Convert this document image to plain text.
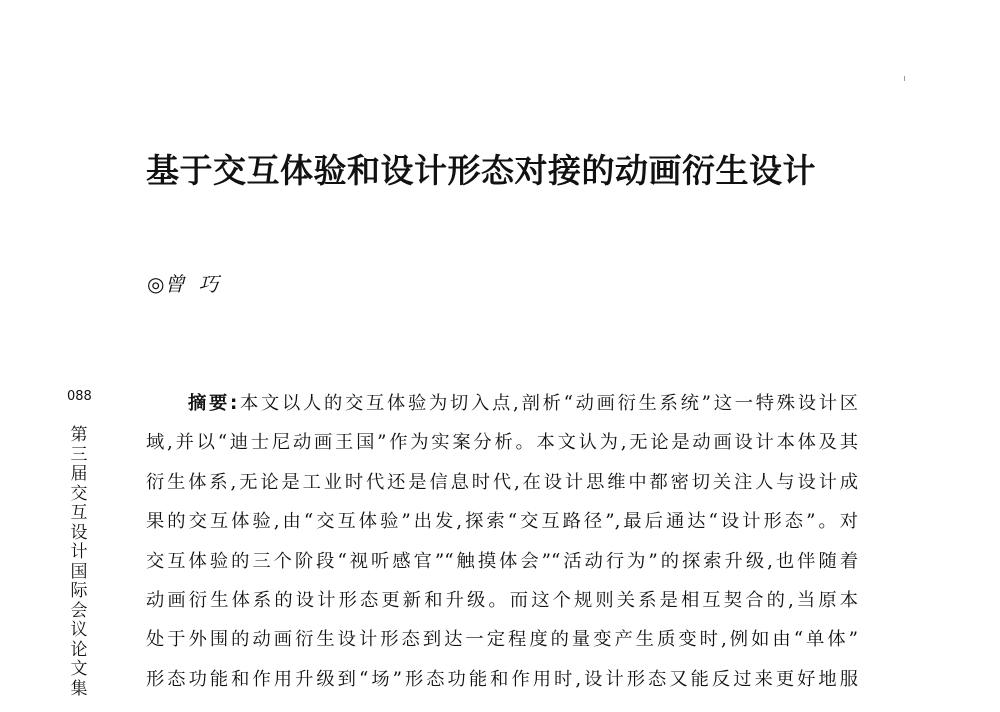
基于交互体验和设计形态对接的动画衍生设计
◎曾巧
088
第三届交互设计国际会议论文集
摘要:本文以人的交互体验为切入点,剖析“动画衍生系统”这一特殊设计区
域,并以“迪士尼动画王国”作为实案分析。本文认为,无论是动画设计本体及其
衍生体系,无论是工业时代还是信息时代,在设计思维中都密切关注人与设计成
果的交互体验,由“交互体验”出发,探索“交互路径”,最后通达“设计形态”。对
交互体验的三个阶段“视听感官”“触摸体会”“活动行为”的探索升级,也伴随着
动画衍生体系的设计形态更新和升级。而这个规则关系是相互契合的,当原本
处于外围的动画衍生设计形态到达一定程度的量变产生质变时,例如由“单体”
形态功能和作用升级到“场”形态功能和作用时,设计形态又能反过来更好地服
